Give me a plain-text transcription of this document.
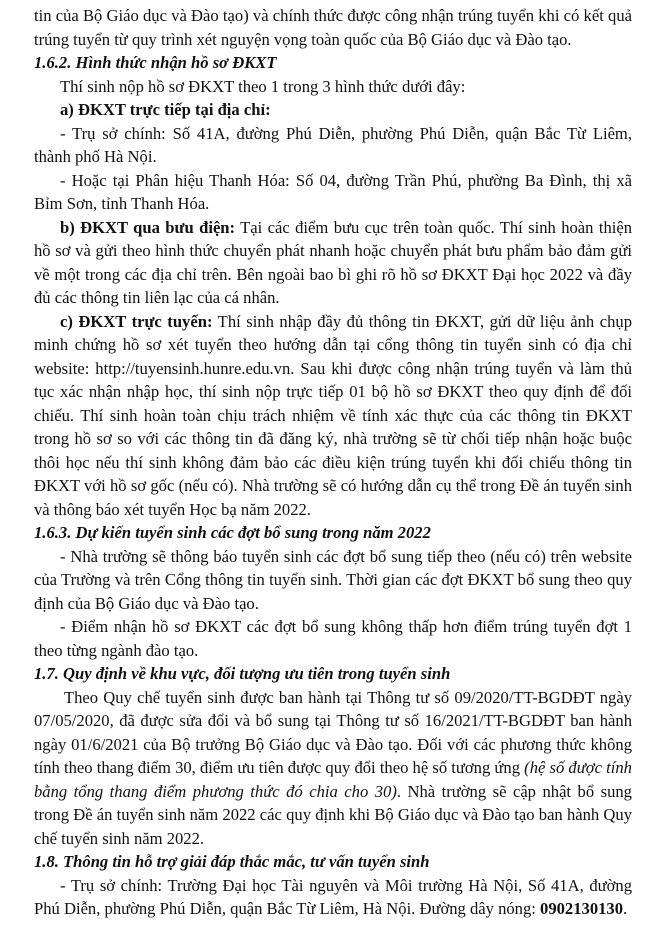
tin của Bộ Giáo dục và Đào tạo) và chính thức được công nhận trúng tuyển khi có kết quả trúng tuyển từ quy trình xét nguyện vọng toàn quốc của Bộ Giáo dục và Đào tạo.

1.6.2. Hình thức nhận hồ sơ ĐKXT

Thí sinh nộp hồ sơ ĐKXT theo 1 trong 3 hình thức dưới đây:

a) ĐKXT trực tiếp tại địa chỉ:

- Trụ sở chính: Số 41A, đường Phú Diễn, phường Phú Diễn, quận Bắc Từ Liêm, thành phố Hà Nội.

- Hoặc tại Phân hiệu Thanh Hóa: Số 04, đường Trần Phú, phường Ba Đình, thị xã Bỉm Sơn, tỉnh Thanh Hóa.

b) ĐKXT qua bưu điện: Tại các điểm bưu cục trên toàn quốc. Thí sinh hoàn thiện hồ sơ và gửi theo hình thức chuyển phát nhanh hoặc chuyển phát bưu phẩm bảo đảm gửi về một trong các địa chỉ trên. Bên ngoài bao bì ghi rõ hồ sơ ĐKXT Đại học 2022 và đầy đủ các thông tin liên lạc của cá nhân.

c) ĐKXT trực tuyến: Thí sinh nhập đầy đủ thông tin ĐKXT, gửi dữ liệu ảnh chụp minh chứng hồ sơ xét tuyển theo hướng dẫn tại cổng thông tin tuyển sinh có địa chỉ website: http://tuyensinh.hunre.edu.vn. Sau khi được công nhận trúng tuyển và làm thủ tục xác nhận nhập học, thí sinh nộp trực tiếp 01 bộ hồ sơ ĐKXT theo quy định để đối chiếu. Thí sinh hoàn toàn chịu trách nhiệm về tính xác thực của các thông tin ĐKXT trong hồ sơ so với các thông tin đã đăng ký, nhà trường sẽ từ chối tiếp nhận hoặc buộc thôi học nếu thí sinh không đảm bảo các điều kiện trúng tuyển khi đối chiếu thông tin ĐKXT với hồ sơ gốc (nếu có). Nhà trường sẽ có hướng dẫn cụ thể trong Đề án tuyển sinh và thông báo xét tuyển Học bạ năm 2022.

1.6.3. Dự kiến tuyển sinh các đợt bổ sung trong năm 2022

- Nhà trường sẽ thông báo tuyển sinh các đợt bổ sung tiếp theo (nếu có) trên website của Trường và trên Cổng thông tin tuyển sinh. Thời gian các đợt ĐKXT bổ sung theo quy định của Bộ Giáo dục và Đào tạo.

- Điểm nhận hồ sơ ĐKXT các đợt bổ sung không thấp hơn điểm trúng tuyển đợt 1 theo từng ngành đào tạo.

1.7. Quy định về khu vực, đối tượng ưu tiên trong tuyển sinh

Theo Quy chế tuyển sinh được ban hành tại Thông tư số 09/2020/TT-BGDĐT ngày 07/05/2020, đã được sửa đổi và bổ sung tại Thông tư số 16/2021/TT-BGDĐT ban hành ngày 01/6/2021 của Bộ trưởng Bộ Giáo dục và Đào tạo. Đối với các phương thức không tính theo thang điểm 30, điểm ưu tiên được quy đổi theo hệ số tương ứng (hệ số được tính bằng tổng thang điểm phương thức đó chia cho 30). Nhà trường sẽ cập nhật bổ sung trong Đề án tuyển sinh năm 2022 các quy định khi Bộ Giáo dục và Đào tạo ban hành Quy chế tuyển sinh năm 2022.

1.8. Thông tin hỗ trợ giải đáp thắc mắc, tư vấn tuyển sinh

- Trụ sở chính: Trường Đại học Tài nguyên và Môi trường Hà Nội, Số 41A, đường Phú Diễn, phường Phú Diễn, quận Bắc Từ Liêm, Hà Nội. Đường dây nóng: 0902130130.
